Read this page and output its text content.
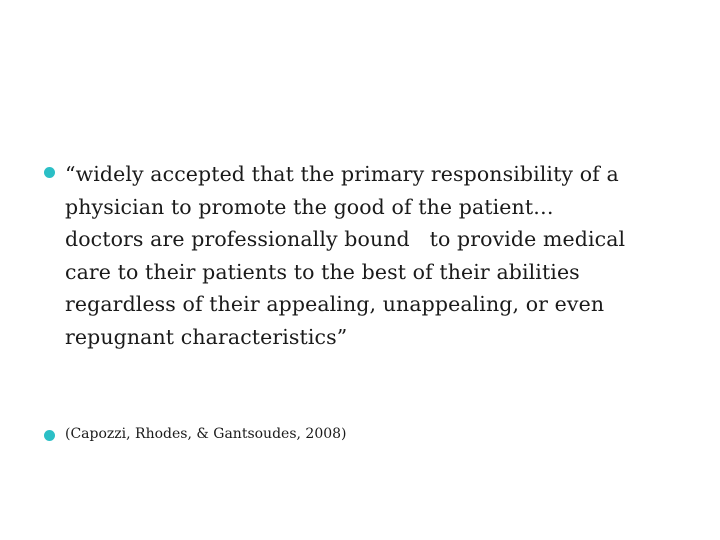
“widely accepted that the primary responsibility of a
physician to promote the good of the patient…
doctors are professionally bound   to provide medical
care to their patients to the best of their abilities
regardless of their appealing, unappealing, or even
repugnant characteristics”
(Capozzi, Rhodes, & Gantsoudes, 2008)
